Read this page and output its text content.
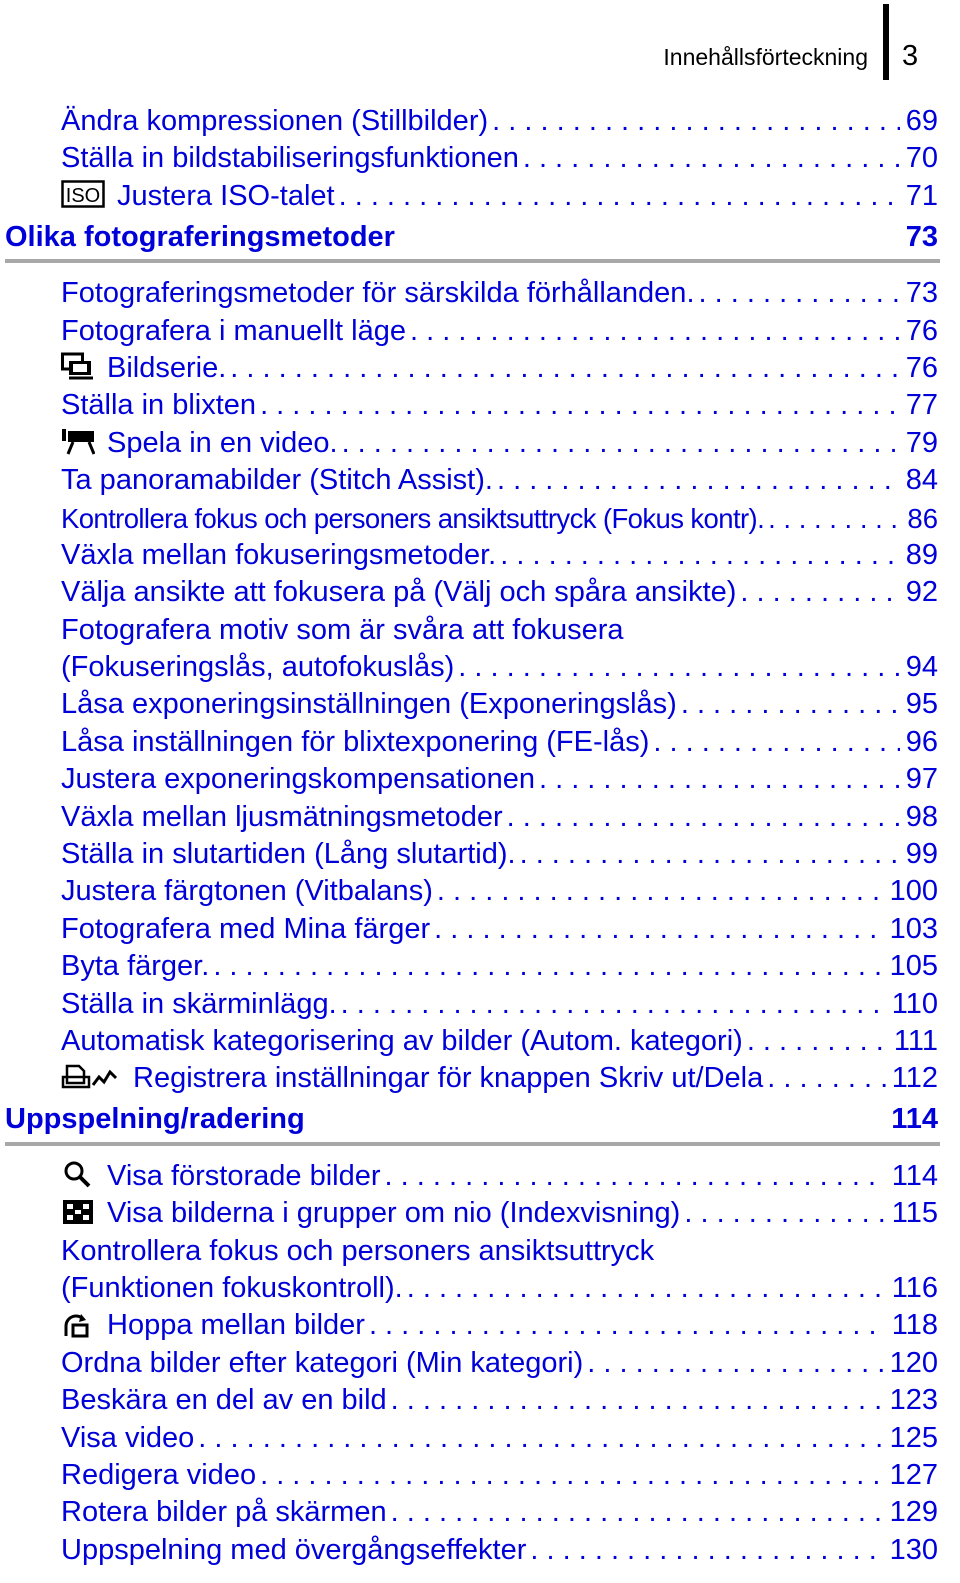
Innehållsförteckning 3
Ändra kompressionen (Stillbilder) . . .	69
Ställa in bildstabiliseringsfunktionen . . .	70
ISO Justera ISO-talet . . .	71
Olika fotograferingsmetoder	73
Fotograferingsmetoder för särskilda förhållanden. . . .	73
Fotografera i manuellt läge . . .	76
Bildserie. . . .	76
Ställa in blixten . . .	77
Spela in en video. . . .	79
Ta panoramabilder (Stitch Assist). . . .	84
Kontrollera fokus och personers ansiktsuttryck (Fokus kontr). . . .	86
Växla mellan fokuseringsmetoder. . . .	89
Välja ansikte att fokusera på (Välj och spåra ansikte) . . .	92
Fotografera motiv som är svåra att fokusera
(Fokuseringslås, autofokuslås) . . .	94
Låsa exponeringsinställningen (Exponeringslås) . . .	95
Låsa inställningen för blixtexponering (FE-lås) . . .	96
Justera exponeringskompensationen . . .	97
Växla mellan ljusmätningsmetoder . . .	98
Ställa in slutartiden (Lång slutartid). . . .	99
Justera färgtonen (Vitbalans) . . .	100
Fotografera med Mina färger . . .	103
Byta färger. . . .	105
Ställa in skärminlägg. . . .	110
Automatisk kategorisering av bilder (Autom. kategori) . . .	111
Registrera inställningar för knappen Skriv ut/Dela . . .	112
Uppspelning/radering	114
Visa förstorade bilder . . .	114
Visa bilderna i grupper om nio (Indexvisning) . . .	115
Kontrollera fokus och personers ansiktsuttryck
(Funktionen fokuskontroll). . . .	116
Hoppa mellan bilder . . .	118
Ordna bilder efter kategori (Min kategori) . . .	120
Beskära en del av en bild . . .	123
Visa video . . .	125
Redigera video . . .	127
Rotera bilder på skärmen . . .	129
Uppspelning med övergångseffekter . . .	130
